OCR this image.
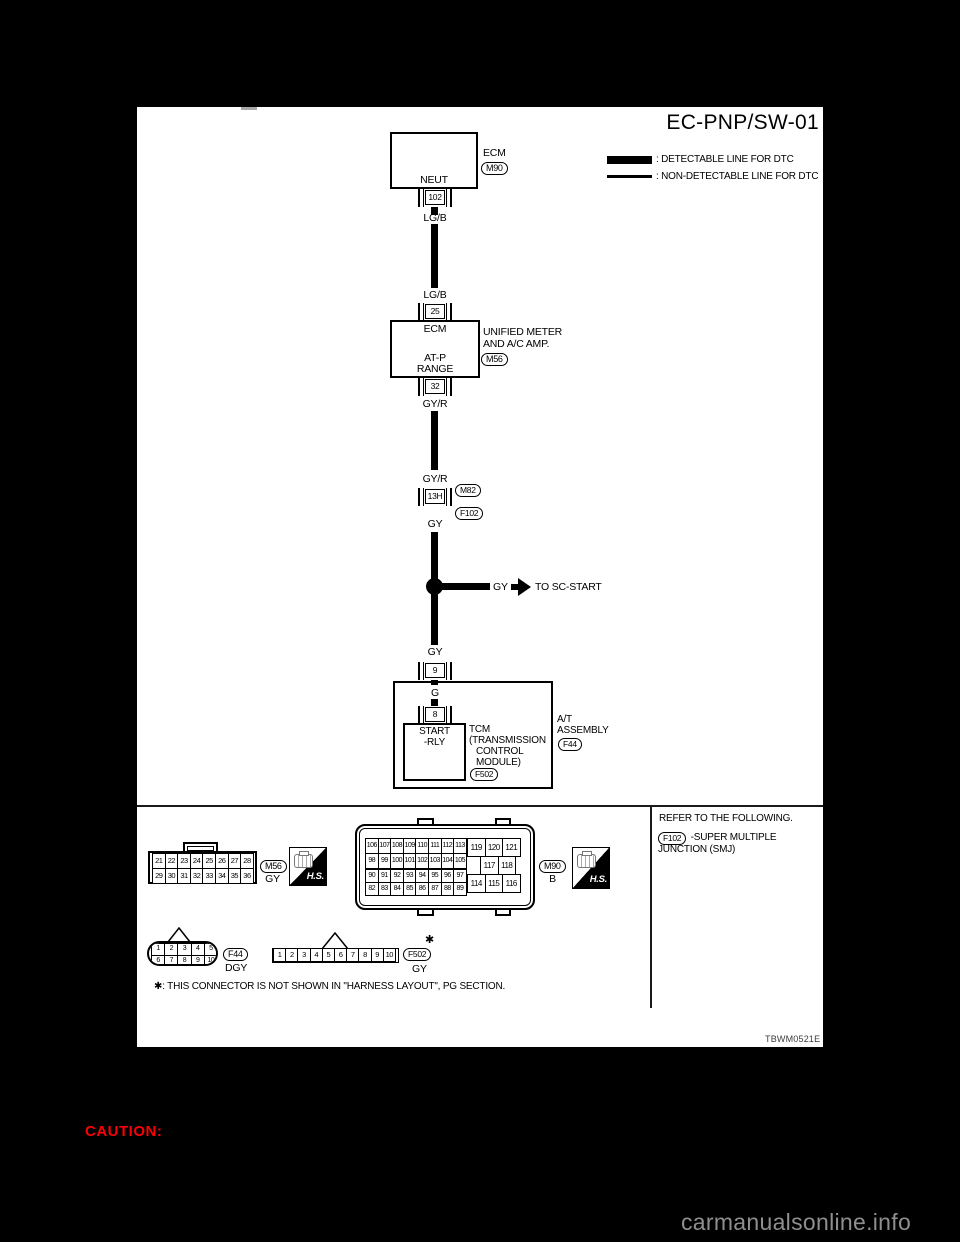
EC-PNP/SW-01
: DETECTABLE LINE FOR DTC
: NON-DETECTABLE LINE FOR DTC
NEUT
ECM
M90
102
LG/B
LG/B
25
ECM
AT-P
RANGE
UNIFIED METER
AND A/C AMP.
M56
32
GY/R
GY/R
13H
M82
F102
GY
GY	TO SC-START
GY
9
G
8
START
-RLY
TCM
(TRANSMISSION
CONTROL
MODULE)
F502
A/T
ASSEMBLY
F44
21 22 23 24 25 26 27 28
29 30 31 32 33 34 35 36
M56
GY	H.S.
106 107 108 109 110 111 112 113
98 99 100 101 102 103 104 105
90 91 92 93 94 95 96 97
82 83 84 85 86 87 88 89
119 120 121
117 118
114 115 116
M90
B	H.S.
1	2	3	4	5
6	7	8	9	10
F44
DGY
1	2	3	4	5	6	7	8	9 10
✱
F502
GY
✱: THIS CONNECTOR IS NOT SHOWN IN "HARNESS LAYOUT", PG SECTION.
REFER TO THE FOLLOWING.
F102 -SUPER MULTIPLE
JUNCTION (SMJ)
TBWM0521E
CAUTION:
carmanualsonline.info
